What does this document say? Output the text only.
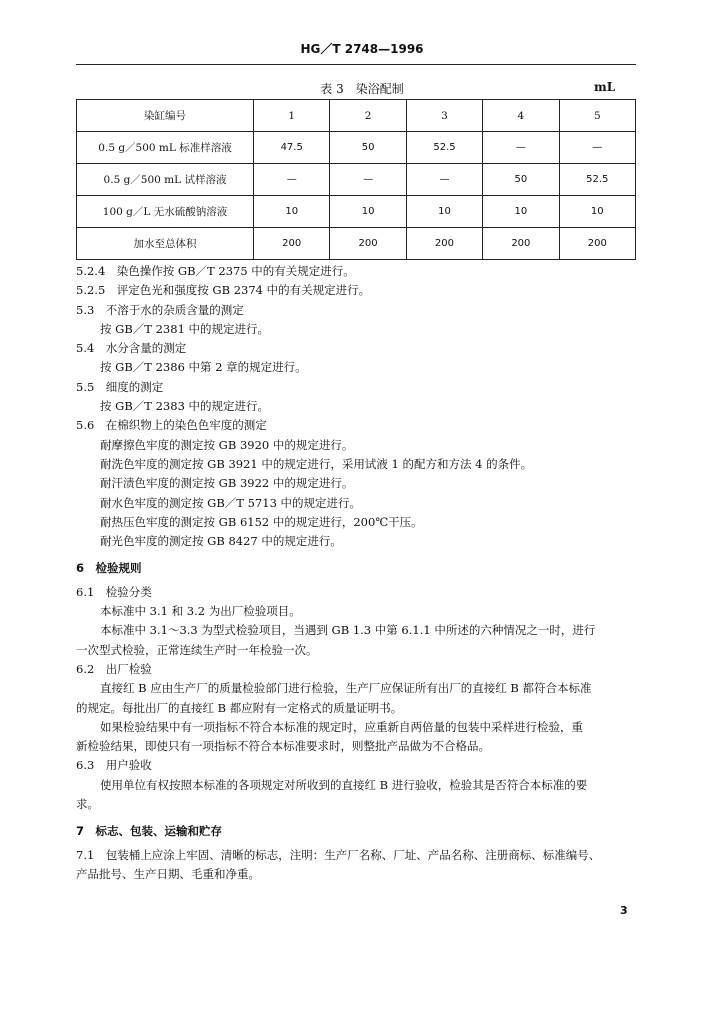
HG／T 2748—1996
表 3　染浴配制	mL
染缸编号	1	2	3	4	5
0.5 g／500 mL 标准样溶液	47.5	50	52.5	—	—
0.5 g／500 mL 试样溶液	—	—	—	50	52.5
100 g／L 无水硫酸钠溶液	10	10	10	10	10
加水至总体积	200	200	200	200	200
5.2.4　染色操作按 GB／T 2375 中的有关规定进行。
5.2.5　评定色光和强度按 GB 2374 中的有关规定进行。
5.3　不溶于水的杂质含量的测定
按 GB／T 2381 中的规定进行。
5.4　水分含量的测定
按 GB／T 2386 中第 2 章的规定进行。
5.5　细度的测定
按 GB／T 2383 中的规定进行。
5.6　在棉织物上的染色色牢度的测定
耐摩擦色牢度的测定按 GB 3920 中的规定进行。
耐洗色牢度的测定按 GB 3921 中的规定进行，采用试液 1 的配方和方法 4 的条件。
耐汗渍色牢度的测定按 GB 3922 中的规定进行。
耐水色牢度的测定按 GB／T 5713 中的规定进行。
耐热压色牢度的测定按 GB 6152 中的规定进行，200℃干压。
耐光色牢度的测定按 GB 8427 中的规定进行。
6　检验规则
6.1　检验分类
本标准中 3.1 和 3.2 为出厂检验项目。
本标准中 3.1～3.3 为型式检验项目，当遇到 GB 1.3 中第 6.1.1 中所述的六种情况之一时，进行
一次型式检验，正常连续生产时一年检验一次。
6.2　出厂检验
直接红 B 应由生产厂的质量检验部门进行检验，生产厂应保证所有出厂的直接红 B 都符合本标准
的规定。每批出厂的直接红 B 都应附有一定格式的质量证明书。
如果检验结果中有一项指标不符合本标准的规定时，应重新自两倍量的包装中采样进行检验，重
新检验结果，即使只有一项指标不符合本标准要求时，则整批产品做为不合格品。
6.3　用户验收
使用单位有权按照本标准的各项规定对所收到的直接红 B 进行验收，检验其是否符合本标准的要
求。
7　标志、包装、运输和贮存
7.1　包装桶上应涂上牢固、清晰的标志，注明：生产厂名称、厂址、产品名称、注册商标、标准编号、
产品批号、生产日期、毛重和净重。
3
